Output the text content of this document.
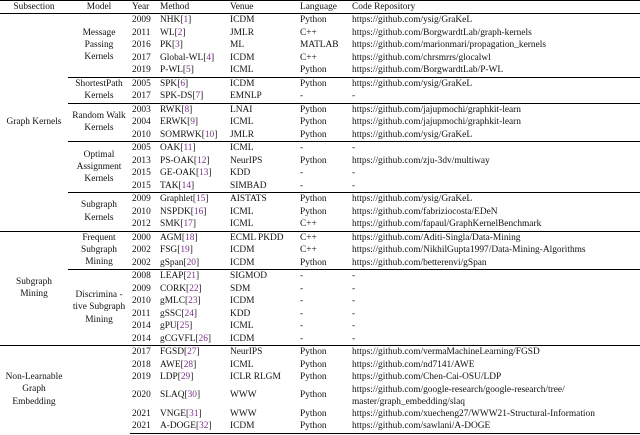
Subsection	Model	Year	Method	Venue	Language	Code Repository
Graph Kernels	Message Passing Kernels	2009	NHK[1]	ICDM	Python	https://github.com/ysig/GraKeL
		2011	WL[2]	JMLR	C++	https://github.com/BorgwardtLab/graph-kernels
		2016	PK[3]	ML	MATLAB	https://github.com/marionmari/propagation_kernels
		2017	Global-WL[4]	ICDM	C++	https://github.com/chrsmrrs/glocalwl
		2019	P-WL[5]	ICML	Python	https://github.com/BorgwardtLab/P-WL
	ShortestPath Kernels	2005	SPK[6]	ICDM	Python	https://github.com/ysig/GraKeL
		2017	SPK-DS[7]	EMNLP	-	-
	Random Walk Kernels	2003	RWK[8]	LNAI	Python	https://github.com/jajupmochi/graphkit-learn
		2004	ERWK[9]	ICML	Python	https://github.com/jajupmochi/graphkit-learn
		2010	SOMRWK[10]	JMLR	Python	https://github.com/ysig/GraKeL
	Optimal Assignment Kernels	2005	OAK[11]	ICML	-	-
		2013	PS-OAK[12]	NeurIPS	Python	https://github.com/zju-3dv/multiway
		2015	GE-OAK[13]	KDD	-	-
		2015	TAK[14]	SIMBAD	-	-
	Subgraph Kernels	2009	Graphlet[15]	AISTATS	Python	https://github.com/ysig/GraKeL
		2010	NSPDK[16]	ICML	Python	https://github.com/fabriziocosta/EDeN
		2012	SMK[17]	ICML	C++	https://github.com/fapaul/GraphKernelBenchmark
Subgraph Mining	Frequent Subgraph Mining	2000	AGM[18]	ECML PKDD	C++	https://github.com/Aditi-Singla/Data-Mining
		2002	FSG[19]	ICDM	C++	https://github.com/NikhilGupta1997/Data-Mining-Algorithms
		2002	gSpan[20]	ICDM	Python	https://github.com/betterenvi/gSpan
	Discrimina -tive Subgraph Mining	2008	LEAP[21]	SIGMOD	-	-
		2009	CORK[22]	SDM	-	-
		2010	gMLC[23]	ICDM	-	-
		2011	gSSC[24]	KDD	-	-
		2014	gPU[25]	ICML	-	-
		2014	gCGVFL[26]	ICDM	-	-
Non-Learnable Graph Embedding		2017	FGSD[27]	NeurIPS	Python	https://github.com/vermaMachineLearning/FGSD
		2018	AWE[28]	ICML	Python	https://github.com/nd7141/AWE
		2019	LDP[29]	ICLR RLGM	Python	https://github.com/Chen-Cai-OSU/LDP
		2020	SLAQ[30]	WWW	Python	https://github.com/google-research/google-research/tree/ master/graph_embedding/slaq
		2021	VNGE[31]	WWW	Python	https://github.com/xuecheng27/WWW21-Structural-Information
		2021	A-DOGE[32]	ICDM	Python	https://github.com/sawlani/A-DOGE
